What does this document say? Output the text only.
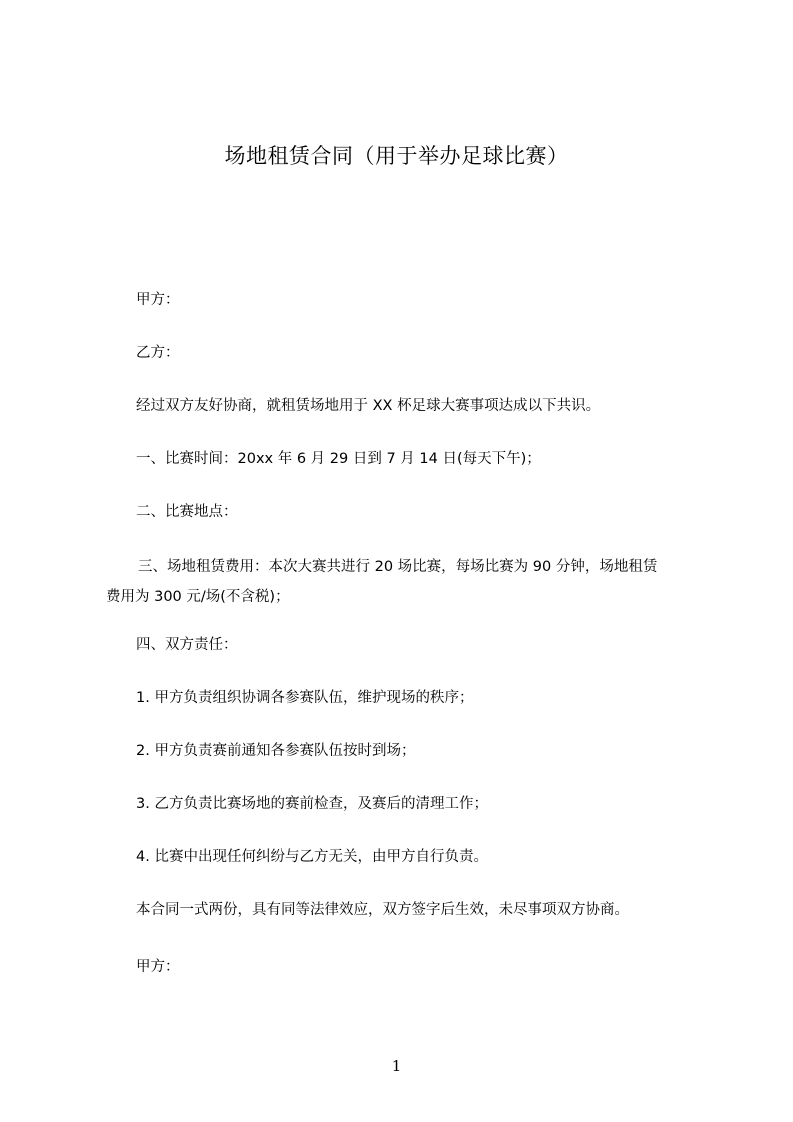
场地租赁合同（用于举办足球比赛）
甲方：
乙方：
经过双方友好协商，就租赁场地用于 XX 杯足球大赛事项达成以下共识。
一、比赛时间：20xx 年 6 月 29 日到 7 月 14 日(每天下午)；
二、比赛地点：
三、场地租赁费用：本次大赛共进行 20 场比赛，每场比赛为 90 分钟，场地租赁
费用为 300 元/场(不含税)；
四、双方责任：
1. 甲方负责组织协调各参赛队伍，维护现场的秩序；
2. 甲方负责赛前通知各参赛队伍按时到场；
3. 乙方负责比赛场地的赛前检查，及赛后的清理工作；
4. 比赛中出现任何纠纷与乙方无关，由甲方自行负责。
本合同一式两份，具有同等法律效应，双方签字后生效，未尽事项双方协商。
甲方：
1
